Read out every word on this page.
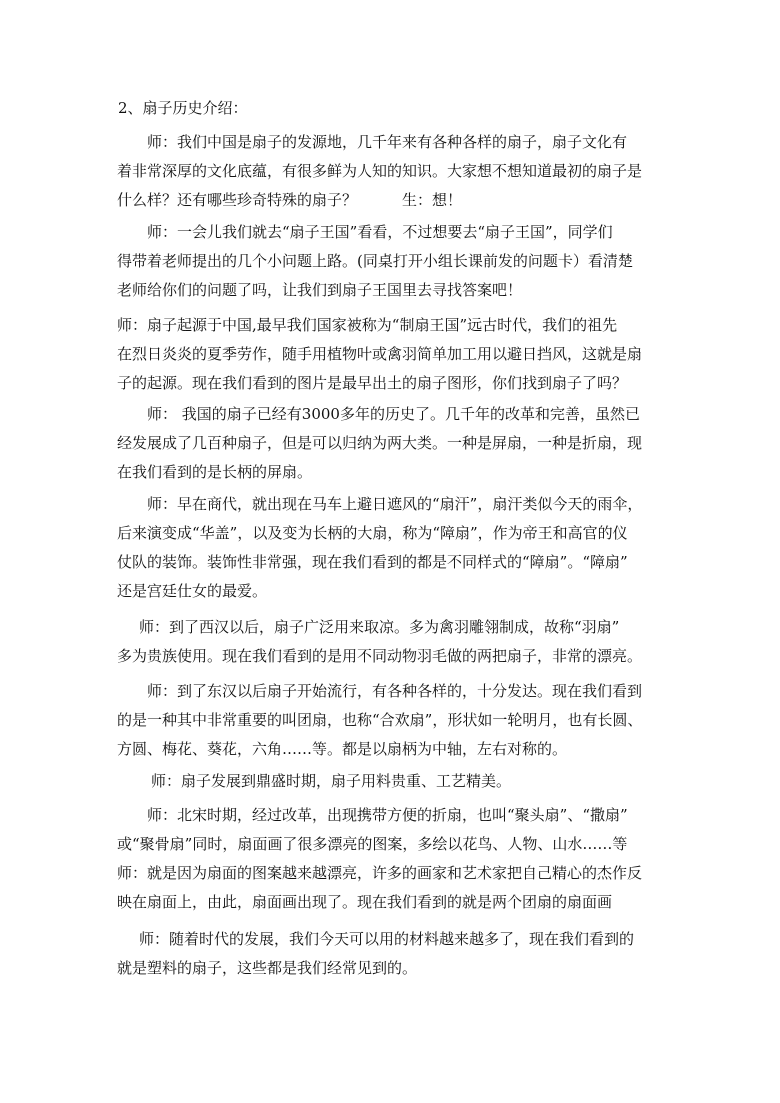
2、扇子历史介绍：
师：我们中国是扇子的发源地，几千年来有各种各样的扇子，扇子文化有
着非常深厚的文化底蕴，有很多鲜为人知的知识。大家想不想知道最初的扇子是
什么样？还有哪些珍奇特殊的扇子？　　　生：想！
师：一会儿我们就去“扇子王国”看看，不过想要去“扇子王国”，同学们
得带着老师提出的几个小问题上路。(同桌打开小组长课前发的问题卡）看清楚
老师给你们的问题了吗，让我们到扇子王国里去寻找答案吧！
师：扇子起源于中国,最早我们国家被称为“制扇王国”远古时代，我们的祖先
在烈日炎炎的夏季劳作，随手用植物叶或禽羽简单加工用以避日挡风，这就是扇
子的起源。现在我们看到的图片是最早出土的扇子图形，你们找到扇子了吗？
师： 我国的扇子已经有3000多年的历史了。几千年的改革和完善，虽然已
经发展成了几百种扇子，但是可以归纳为两大类。一种是屏扇，一种是折扇，现
在我们看到的是长柄的屏扇。
师：早在商代，就出现在马车上避日遮风的“扇汗”，扇汗类似今天的雨伞，
后来演变成“华盖”，以及变为长柄的大扇，称为“障扇”，作为帝王和高官的仪
仗队的装饰。装饰性非常强，现在我们看到的都是不同样式的“障扇”。“障扇”
还是宫廷仕女的最爱。
师：到了西汉以后，扇子广泛用来取凉。多为禽羽雕翎制成，故称“羽扇”
多为贵族使用。现在我们看到的是用不同动物羽毛做的两把扇子，非常的漂亮。
师：到了东汉以后扇子开始流行，有各种各样的，十分发达。现在我们看到
的是一种其中非常重要的叫团扇，也称“合欢扇”，形状如一轮明月，也有长圆、
方圆、梅花、葵花，六角……等。都是以扇柄为中轴，左右对称的。
师：扇子发展到鼎盛时期，扇子用料贵重、工艺精美。
师：北宋时期，经过改革，出现携带方便的折扇，也叫“聚头扇”、“撒扇”
或“聚骨扇”同时，扇面画了很多漂亮的图案，多绘以花鸟、人物、山水……等
师：就是因为扇面的图案越来越漂亮，许多的画家和艺术家把自己精心的杰作反
映在扇面上，由此，扇面画出现了。现在我们看到的就是两个团扇的扇面画
师：随着时代的发展，我们今天可以用的材料越来越多了，现在我们看到的
就是塑料的扇子，这些都是我们经常见到的。
